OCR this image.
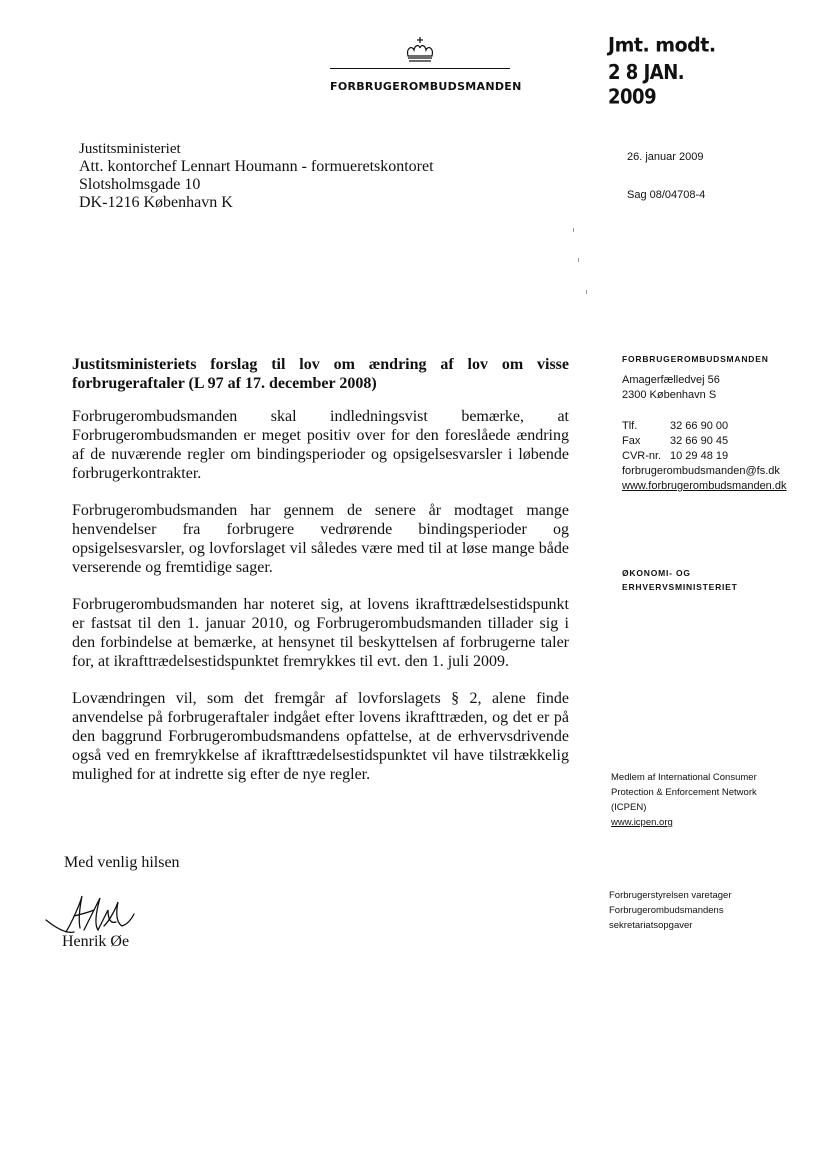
FORBRUGEROMBUDSMANDEN
Jmt. modt.
2 8 JAN. 2009
Justitsministeriet
Att. kontorchef Lennart Houmann - formueretskontoret
Slotsholmsgade 10
DK-1216 København K
26. januar 2009
Sag 08/04708-4
Justitsministeriets forslag til lov om ændring af lov om visse forbrugeraftaler (L 97 af 17. december 2008)

Forbrugerombudsmanden skal indledningsvist bemærke, at Forbrugerombudsmanden er meget positiv over for den foreslåede ændring af de nuværende regler om bindingsperioder og opsigelsesvarsler i løbende forbrugerkontrakter.

Forbrugerombudsmanden har gennem de senere år modtaget mange henvendelser fra forbrugere vedrørende bindingsperioder og opsigelsesvarsler, og lovforslaget vil således være med til at løse mange både verserende og fremtidige sager.

Forbrugerombudsmanden har noteret sig, at lovens ikrafttrædelsestidspunkt er fastsat til den 1. januar 2010, og Forbrugerombudsmanden tillader sig i den forbindelse at bemærke, at hensynet til beskyttelsen af forbrugerne taler for, at ikrafttrædelsestidspunktet fremrykkes til evt. den 1. juli 2009.

Lovændringen vil, som det fremgår af lovforslagets § 2, alene finde anvendelse på forbrugeraftaler indgået efter lovens ikrafttræden, og det er på den baggrund Forbrugerombudsmandens opfattelse, at de erhvervsdrivende også ved en fremrykkelse af ikrafttrædelsestidspunktet vil have tilstrækkelig mulighed for at indrette sig efter de nye regler.

Med venlig hilsen
Henrik Øe
FORBRUGEROMBUDSMANDEN
Amagerfælledvej 56
2300 København S
Tlf.	32 66 90 00
Fax	32 66 90 45
CVR-nr. 10 29 48 19
forbrugerombudsmanden@fs.dk
www.forbrugerombudsmanden.dk
ØKONOMI- OG
ERHVERVSMINISTERIET
Medlem af International Consumer
Protection & Enforcement Network
(ICPEN)
www.icpen.org
Forbrugerstyrelsen varetager
Forbrugerombudsmandens
sekretariatsopgaver
